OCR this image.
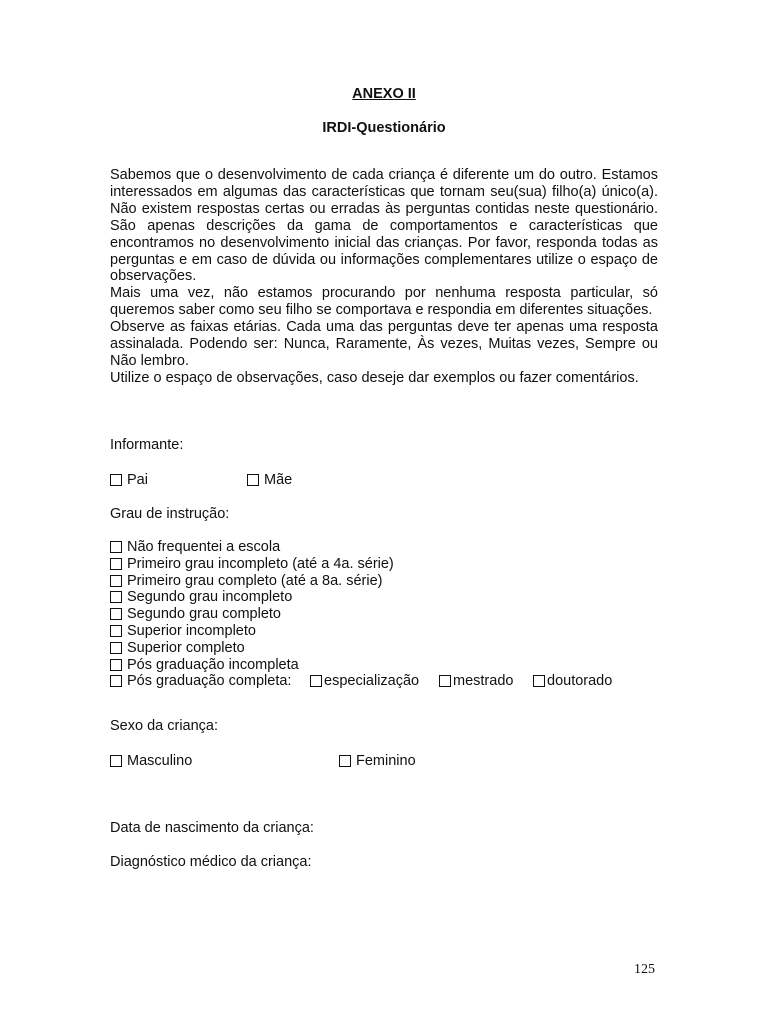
ANEXO II
IRDI-Questionário

Sabemos que o desenvolvimento de cada criança é diferente um do outro. Estamos interessados em algumas das características que tornam seu(sua) filho(a) único(a). Não existem respostas certas ou erradas às perguntas contidas neste questionário. São apenas descrições da gama de comportamentos e características que encontramos no desenvolvimento inicial das crianças. Por favor, responda todas as perguntas e em caso de dúvida ou informações complementares utilize o espaço de observações.

Mais uma vez, não estamos procurando por nenhuma resposta particular, só queremos saber como seu filho se comportava e respondia em diferentes situações.

Observe as faixas etárias. Cada uma das perguntas deve ter apenas uma resposta assinalada. Podendo ser: Nunca, Raramente, Às vezes, Muitas vezes, Sempre ou Não lembro.

Utilize o espaço de observações, caso deseje dar exemplos ou fazer comentários.

Informante:
Pai	Mãe
Grau de instrução:
Não frequentei a escola
Primeiro grau incompleto (até a 4a. série)
Primeiro grau completo (até a 8a. série)
Segundo grau incompleto
Segundo grau completo
Superior incompleto
Superior completo
Pós graduação incompleta
Pós graduação completa:	especialização	mestrado	doutorado
Sexo da criança:
Masculino	Feminino
Data de nascimento da criança:
Diagnóstico médico da criança:
125
